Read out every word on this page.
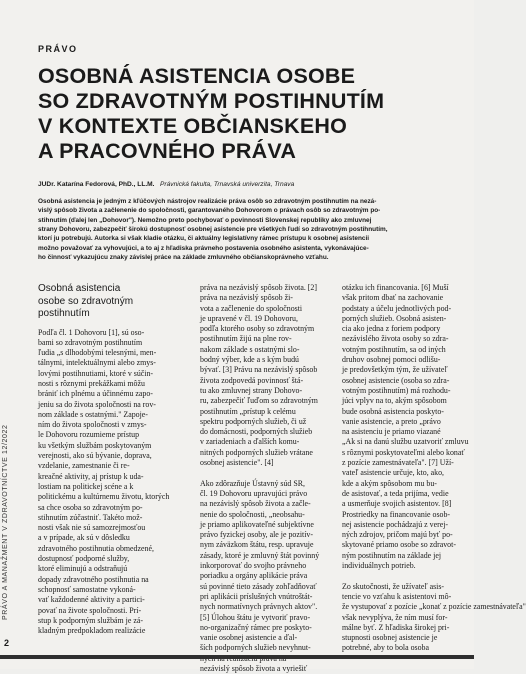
PRÁVO
OSOBNÁ ASISTENCIA OSOBE
SO ZDRAVOTNÝM POSTIHNUTÍM
V KONTEXTE OBČIANSKEHO
A PRACOVNÉHO PRÁVA
JUDr. Katarína Fedorová, PhD., LL.M. Právnická fakulta, Trnavská univerzita, Trnava
Osobná asistencia je jedným z kľúčových nástrojov realizácie práva osôb so zdravotným postihnutím na nezá-
vislý spôsob života a začlenenie do spoločnosti, garantovaného Dohovorom o právach osôb so zdravotným po-
stihnutím (ďalej len „Dohovor"). Nemožno preto pochybovať o povinnosti Slovenskej republiky ako zmluvnej
strany Dohovoru, zabezpečiť širokú dostupnosť osobnej asistencie pre všetkých ľudí so zdravotným postihnutím,
ktorí ju potrebujú. Autorka si však kladie otázku, či aktuálny legislatívny rámec prístupu k osobnej asistencii
možno považovať za vyhovujúci, a to aj z hľadiska právneho postavenia osobného asistenta, vykonávajúce-
ho činnosť vykazujúcu znaky závislej práce na základe zmluvného občianskoprávneho vzťahu.
Osobná asistencia
osobe so zdravotným
postihnutím
Podľa čl. 1 Dohovoru [1], sú oso-
bami so zdravotným postihnutím
ľudia „s dlhodobými telesnými, men-
tálnymi, intelektuálnymi alebo zmys-
lovými postihnutiami, ktoré v súčin-
nosti s rôznymi prekážkami môžu
brániť ich plnému a účinnému zapo-
jeniu sa do života spoločnosti na rov-
nom základe s ostatnými." Zapoje-
ním do života spoločnosti v zmys-
le Dohovoru rozumieme prístup
ku všetkým službám poskytovaným
verejnosti, ako sú bývanie, doprava,
vzdelanie, zamestnanie či re-
kreačné aktivity, aj prístup k uda-
lostiam na politickej scéne a k
politickému a kultúrnemu životu, ktorých
sa chce osoba so zdravotným po-
stihnutím zúčastniť. Takéto mož-
nosti však nie sú samozrejmosťou
a v prípade, ak sú v dôsledku
zdravotného postihnutia obmedzené,
dostupnosť podporné služby,
ktoré eliminujú a odstraňujú
dopady zdravotného postihnutia na
schopnosť samostatne vykoná-
vať každodenné aktivity a partici-
povať na živote spoločnosti. Prí-
stup k podporným službám je zá-
kladným predpokladom realizácie
práva na nezávislý spôsob života. [2]
práva na nezávislý spôsob ži-
vota a začlenenie do spoločnosti
je upravené v čl. 19 Dohovoru,
podľa ktorého osoby so zdravotným
postihnutím žijú na plne rov-
nakom základe s ostatnými slo-
bodný výber, kde a s kým budú
bývať. [3] Právu na nezávislý spôsob
života zodpovedá povinnosť štá-
tu ako zmluvnej strany Dohovo-
ru, zabezpečiť ľuďom so zdravotným
postihnutím „prístup k celému
spektru podporných služieb, či už
do domácnosti, podporných služieb
v zariadeniach a ďalších komu-
nitných podporných služieb vrátane
osobnej asistencie". [4]
Ako zdôrazňuje Ústavný súd SR,
čl. 19 Dohovoru upravujúci právo
na nezávislý spôsob života a začle-
nenie do spoločnosti, „neobsahu-
je priamo aplikovateľné subjektívne
právo fyzickej osoby, ale je pozitív-
nym záväzkom štátu, resp. upravuje
zásady, ktoré je zmluvný štát povinný
inkorporovať do svojho právneho
poriadku a orgány aplikácie práva
sú povinné tieto zásady zohľadňovať
pri aplikácii príslušných vnútroštát-
nych normatívnych právnych aktov".
[5] Úlohou štátu je vytvoriť pravo-
no-organizačný rámec pre poskyto-
vanie osobnej asistencie a ďal-
ších podporných služieb nevyhnut-
nezávislý spôsob života a vyriešiť
otázku ich financovania. [6] Muší
však pritom dbať na zachovanie
podstaty a účelu jednotlivých pod-
porných služieb. Osobná asisten-
cia ako jedna z foriem podpory
nezávislého života osoby so zdra-
votným postihnutím, sa od iných
druhov osobnej pomoci odlišu-
je predovšetkým tým, že užívateľ
osobnej asistencie (osoba so zdra-
votným postihnutím) má rozhodu-
júci vplyv na to, akým spôsobom
bude osobná asistencia poskyto-
vanie asistencie, a preto „právo
na asistenciu je priamo viazané
„Ak si na danú službu uzatvoriť zmluvu
s rôznymi poskytovateľmi alebo konať
z pozície zamestnávateľa". [7] Uží-
vateľ asistencie určuje, kto, ako,
kde a akým spôsobom mu bu-
de asistovať, a teda prijíma, vedie
a usmerňuje svojich asistentov. [8]
Prostriedky na financovanie osob-
nej asistencie pochádzajú z verej-
ných zdrojov, pričom majú byť po-
skytované priamo osobe so zdravot-
ným postihnutím na základe jej
individuálnych potrieb.
Zo skutočnosti, že užívateľ asis-
tencie vo vzťahu k asistentovi mô-
že vystupovať z pozície „konať z pozície zamestnávateľa"
však nevyplýva, že ním musí for-
málne byť. Z hľadiska širokej pri-
stupnosti osobnej asistencie je
potrebné, aby to bola osoba
PRÁVO A MANAŽMENT V ZDRAVOTNÍCTVE 12/2022
2
